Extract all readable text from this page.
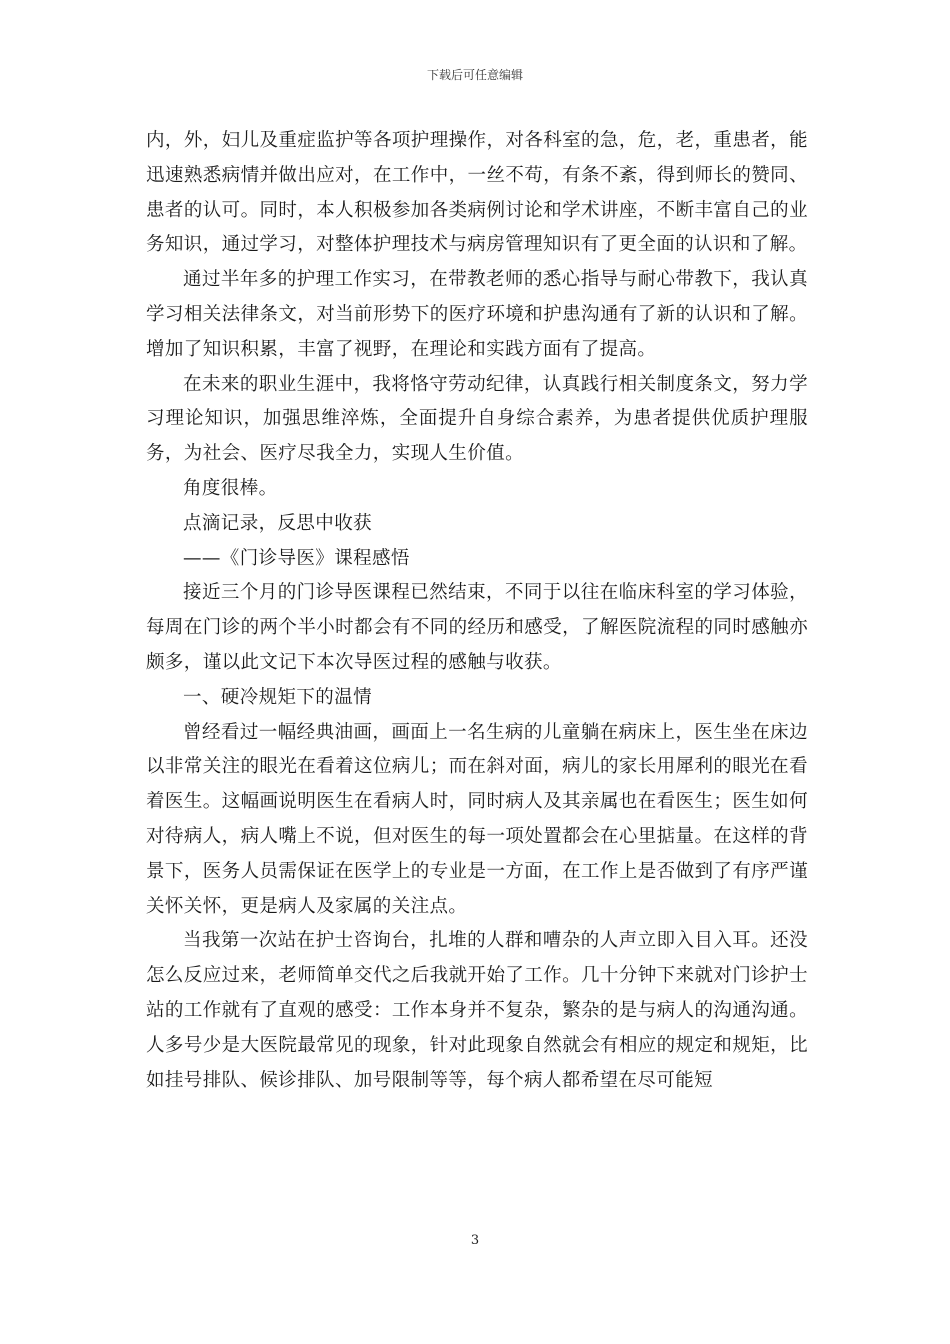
下载后可任意编辑

内，外，妇儿及重症监护等各项护理操作，对各科室的急，危，老，重患者，能迅速熟悉病情并做出应对，在工作中，一丝不苟，有条不紊，得到师长的赞同、患者的认可。同时，本人积极参加各类病例讨论和学术讲座，不断丰富自己的业务知识，通过学习，对整体护理技术与病房管理知识有了更全面的认识和了解。

通过半年多的护理工作实习，在带教老师的悉心指导与耐心带教下，我认真学习相关法律条文，对当前形势下的医疗环境和护患沟通有了新的认识和了解。增加了知识积累，丰富了视野，在理论和实践方面有了提高。

在未来的职业生涯中，我将恪守劳动纪律，认真践行相关制度条文，努力学习理论知识，加强思维淬炼，全面提升自身综合素养，为患者提供优质护理服务，为社会、医疗尽我全力，实现人生价值。

角度很棒。

点滴记录，反思中收获

——《门诊导医》课程感悟

接近三个月的门诊导医课程已然结束，不同于以往在临床科室的学习体验，每周在门诊的两个半小时都会有不同的经历和感受，了解医院流程的同时感触亦颇多，谨以此文记下本次导医过程的感触与收获。

一、硬冷规矩下的温情

曾经看过一幅经典油画，画面上一名生病的儿童躺在病床上，医生坐在床边以非常关注的眼光在看着这位病儿；而在斜对面，病儿的家长用犀利的眼光在看着医生。这幅画说明医生在看病人时，同时病人及其亲属也在看医生；医生如何对待病人，病人嘴上不说，但对医生的每一项处置都会在心里掂量。在这样的背景下，医务人员需保证在医学上的专业是一方面，在工作上是否做到了有序严谨关怀关怀，更是病人及家属的关注点。

当我第一次站在护士咨询台，扎堆的人群和嘈杂的人声立即入目入耳。还没怎么反应过来，老师简单交代之后我就开始了工作。几十分钟下来就对门诊护士站的工作就有了直观的感受：工作本身并不复杂，繁杂的是与病人的沟通沟通。人多号少是大医院最常见的现象，针对此现象自然就会有相应的规定和规矩，比如挂号排队、候诊排队、加号限制等等，每个病人都希望在尽可能短

3
